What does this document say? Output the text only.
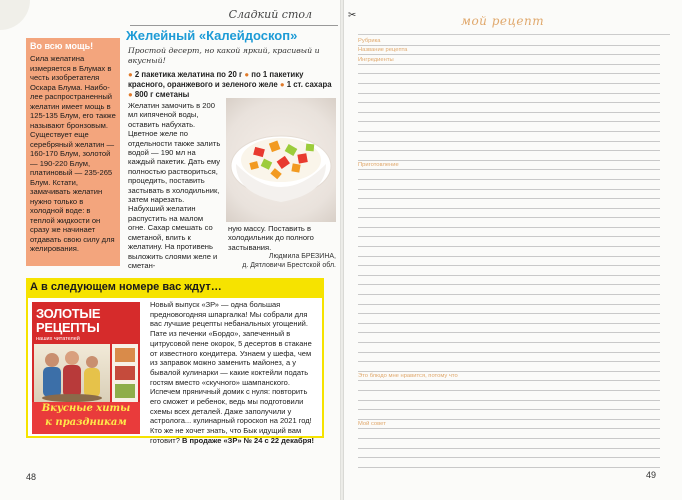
Сладкий стол
Во всю мощь!
Сила желатина измеряется в Блумах в честь изобретателя Оскара Блума. Наиболее распространенный желатин имеет мощь в 125-135 Блум, его также называют бронзовым. Существует еще серебряный желатин — 160-170 Блум, золотой — 190-220 Блум, платиновый — 235-265 Блум. Кстати, замачивать желатин нужно только в холодной воде: в теплой жидкости он сразу же начинает отдавать свою силу для желирования.
Желейный «Калейдоскоп»
Простой десерт, но какой яркий, красивый и вкусный!
● 2 пакетика желатина по 20 г ● по 1 пакетику красного, оранжевого и зеленого желе ● 1 ст. сахара ● 800 г сметаны
Желатин замочить в 200 мл кипяченой воды, оставить набухать. Цветное желе по отдельности также залить водой — 190 мл на каждый пакетик. Дать ему полностью раствориться, процедить, поставить застывать в холодильник, затем нарезать. Набухший желатин распустить на малом огне. Сахар смешать со сметаной, влить к желатину. На противень выложить слоями желе и сметан-
ную массу. Поставить в холодильник до полного застывания.
Людмила БРЕЗИНА,
д. Дятловичи Брестской обл.
А в следующем номере вас ждут…
ЗОЛОТЫЕ
РЕЦЕПТЫ
наших читателей
Вкусные хиты
к праздникам
Новый выпуск «ЗР» — одна большая предновогодняя шпаргалка! Мы собрали для вас лучшие рецепты небанальных угощений. Пате из печенки «Бордо», запеченный в цитрусовой пене окорок, 5 десертов в стакане от известного кондитера. Узнаем у шефа, чем из заправок можно заменить майонез, а у бывалой кулинарки — какие коктейли подать гостям вместо «скучного» шампанского. Испечем пряничный домик с нуля: повторить его сможет и ребенок, ведь мы подготовили схемы всех деталей. Даже заполучили у астролога... кулинарный гороскоп на 2021 год! Кто же не хочет знать, что Бык идущий вам готовит? В продаже «ЗР» № 24 с 22 декабря!
48
✂	мой рецепт
Рубрика
Название рецепта
Ингредиенты
Приготовление
Это блюдо мне нравится, потому что
Мой совет
49
